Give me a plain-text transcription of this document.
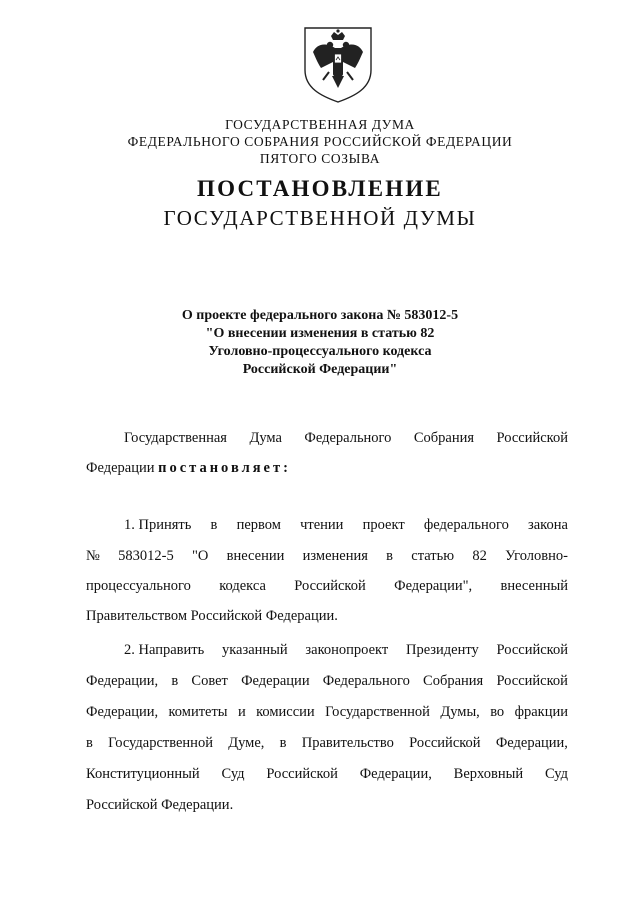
ГОСУДАРСТВЕННАЯ ДУМА
ФЕДЕРАЛЬНОГО СОБРАНИЯ РОССИЙСКОЙ ФЕДЕРАЦИИ
ПЯТОГО СОЗЫВА
ПОСТАНОВЛЕНИЕ
ГОСУДАРСТВЕННОЙ ДУМЫ
О проекте федерального закона № 583012-5
"О внесении изменения в статью 82
Уголовно-процессуального кодекса
Российской Федерации"
Государственная Дума Федерального Собрания Российской
Федерации постановляет:
1. Принять в первом чтении проект федерального закона
№ 583012-5 "О внесении изменения в статью 82 Уголовно-
процессуального кодекса Российской Федерации", внесенный
Правительством Российской Федерации.
2. Направить указанный законопроект Президенту Российской
Федерации, в Совет Федерации Федерального Собрания Российской
Федерации, комитеты и комиссии Государственной Думы, во фракции
в Государственной Думе, в Правительство Российской Федерации,
Конституционный Суд Российской Федерации, Верховный Суд
Российской Федерации.
